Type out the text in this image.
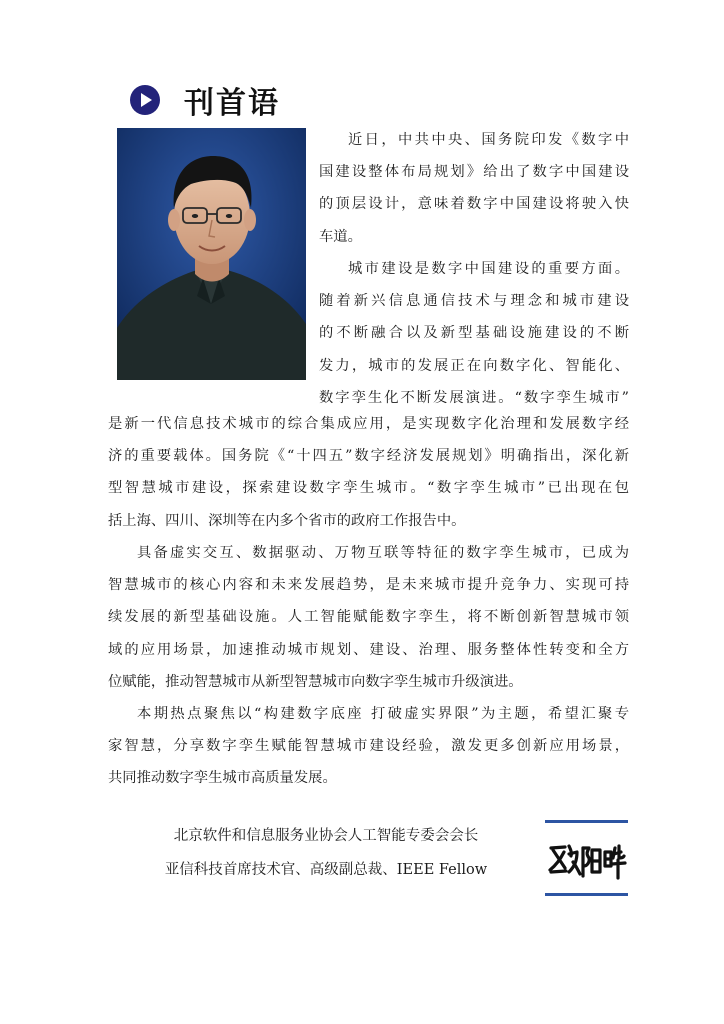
刊首语
近日，中共中央、国务院印发《数字中
国建设整体布局规划》给出了数字中国建设
的顶层设计，意味着数字中国建设将驶入快
车道。
城市建设是数字中国建设的重要方面。
随着新兴信息通信技术与理念和城市建设
的不断融合以及新型基础设施建设的不断
发力，城市的发展正在向数字化、智能化、
数字孪生化不断发展演进。“数字孪生城市”
是新一代信息技术城市的综合集成应用，是实现数字化治理和发展数字经
济的重要载体。国务院《“十四五”数字经济发展规划》明确指出，深化新
型智慧城市建设，探索建设数字孪生城市。“数字孪生城市”已出现在包
括上海、四川、深圳等在内多个省市的政府工作报告中。
具备虚实交互、数据驱动、万物互联等特征的数字孪生城市，已成为
智慧城市的核心内容和未来发展趋势，是未来城市提升竞争力、实现可持
续发展的新型基础设施。人工智能赋能数字孪生，将不断创新智慧城市领
域的应用场景，加速推动城市规划、建设、治理、服务整体性转变和全方
位赋能，推动智慧城市从新型智慧城市向数字孪生城市升级演进。
本期热点聚焦以“构建数字底座 打破虚实界限”为主题，希望汇聚专
家智慧，分享数字孪生赋能智慧城市建设经验，激发更多创新应用场景，
共同推动数字孪生城市高质量发展。
北京软件和信息服务业协会人工智能专委会会长
亚信科技首席技术官、高级副总裁、IEEE Fellow
